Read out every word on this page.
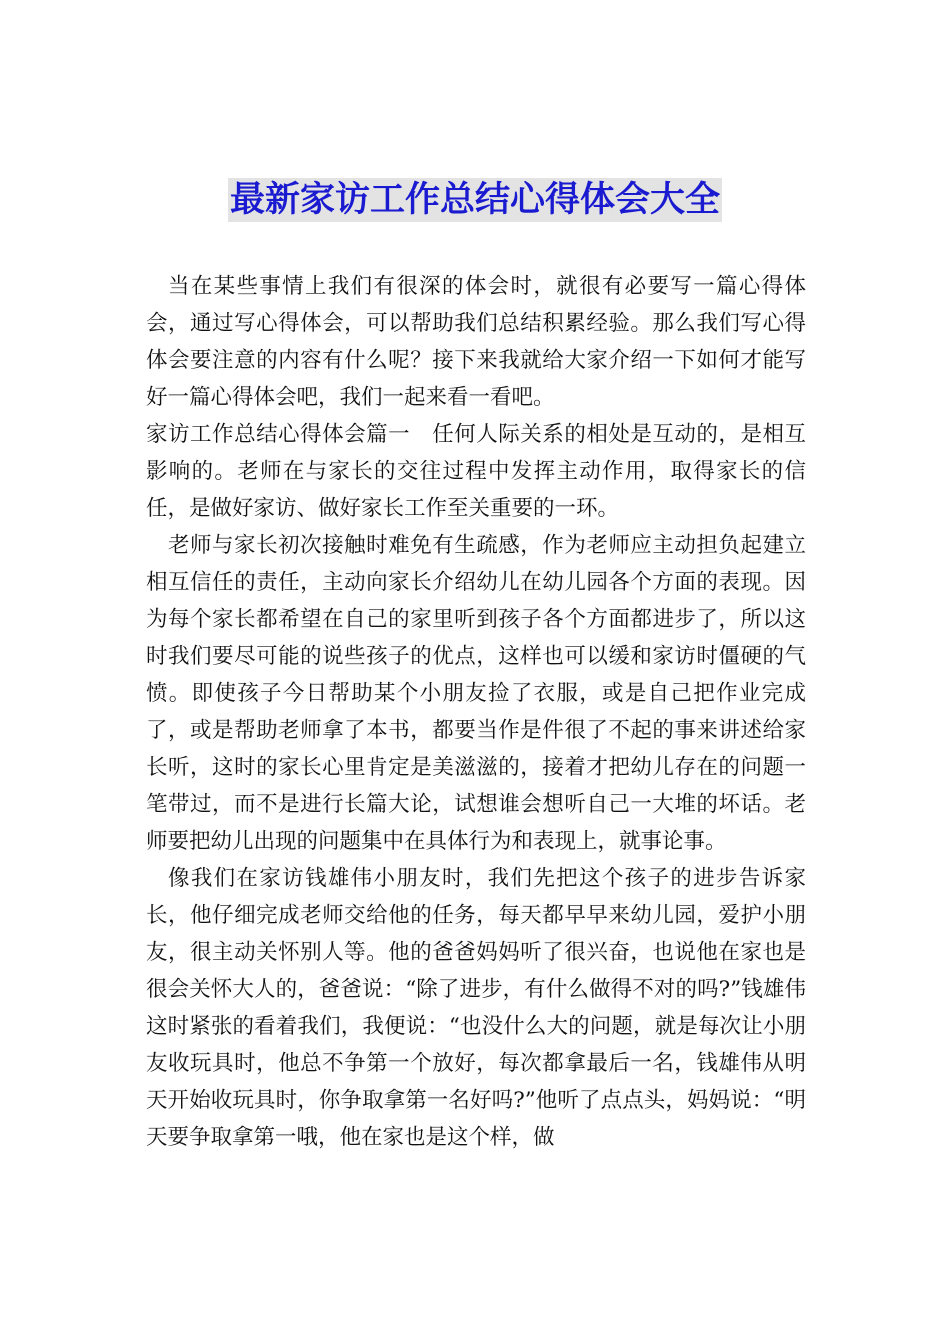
最新家访工作总结心得体会大全

当在某些事情上我们有很深的体会时，就很有必要写一篇心得体会，通过写心得体会，可以帮助我们总结积累经验。那么我们写心得体会要注意的内容有什么呢？接下来我就给大家介绍一下如何才能写好一篇心得体会吧，我们一起来看一看吧。

家访工作总结心得体会篇一　任何人际关系的相处是互动的，是相互影响的。老师在与家长的交往过程中发挥主动作用，取得家长的信任，是做好家访、做好家长工作至关重要的一环。

老师与家长初次接触时难免有生疏感，作为老师应主动担负起建立相互信任的责任，主动向家长介绍幼儿在幼儿园各个方面的表现。因为每个家长都希望在自己的家里听到孩子各个方面都进步了，所以这时我们要尽可能的说些孩子的优点，这样也可以缓和家访时僵硬的气愤。即使孩子今日帮助某个小朋友捡了衣服，或是自己把作业完成了，或是帮助老师拿了本书，都要当作是件很了不起的事来讲述给家长听，这时的家长心里肯定是美滋滋的，接着才把幼儿存在的问题一笔带过，而不是进行长篇大论，试想谁会想听自己一大堆的坏话。老师要把幼儿出现的问题集中在具体行为和表现上，就事论事。

像我们在家访钱雄伟小朋友时，我们先把这个孩子的进步告诉家长，他仔细完成老师交给他的任务，每天都早早来幼儿园，爱护小朋友，很主动关怀别人等。他的爸爸妈妈听了很兴奋，也说他在家也是很会关怀大人的，爸爸说：“除了进步，有什么做得不对的吗?”钱雄伟这时紧张的看着我们，我便说：“也没什么大的问题，就是每次让小朋友收玩具时，他总不争第一个放好，每次都拿最后一名，钱雄伟从明天开始收玩具时，你争取拿第一名好吗?”他听了点点头，妈妈说：“明天要争取拿第一哦，他在家也是这个样，做
